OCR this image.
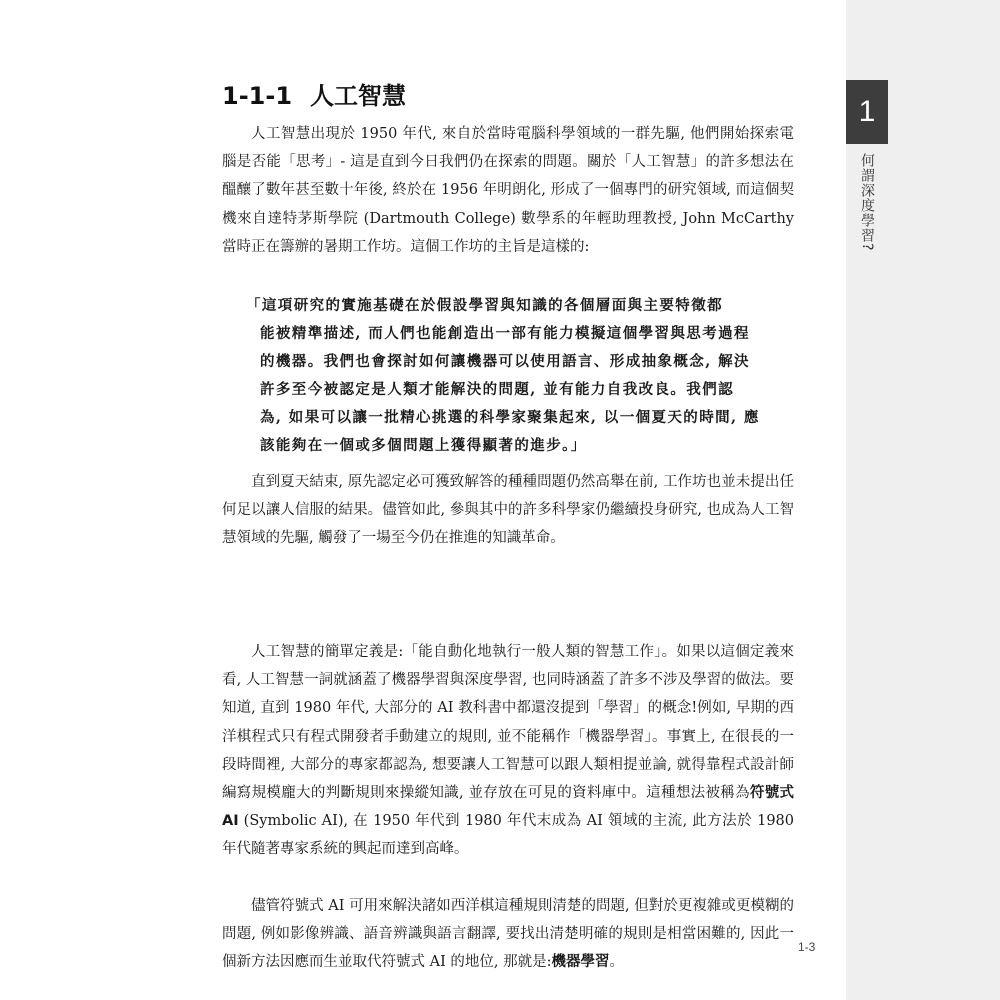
1
何謂深度學習?
1-1-1 人工智慧

人工智慧出現於 1950 年代, 來自於當時電腦科學領域的一群先驅, 他們開始探索電腦是否能「思考」- 這是直到今日我們仍在探索的問題。關於「人工智慧」的許多想法在醞釀了數年甚至數十年後, 終於在 1956 年明朗化, 形成了一個專門的研究領域, 而這個契機來自達特茅斯學院 (Dartmouth College) 數學系的年輕助理教授, John McCarthy 當時正在籌辦的暑期工作坊。這個工作坊的主旨是這樣的:

「這項研究的實施基礎在於假設學習與知識的各個層面與主要特徵都
能被精準描述, 而人們也能創造出一部有能力模擬這個學習與思考過程
的機器。我們也會探討如何讓機器可以使用語言、形成抽象概念, 解決
許多至今被認定是人類才能解決的問題, 並有能力自我改良。我們認
為, 如果可以讓一批精心挑選的科學家聚集起來, 以一個夏天的時間, 應
該能夠在一個或多個問題上獲得顯著的進步。」

直到夏天結束, 原先認定必可獲致解答的種種問題仍然高舉在前, 工作坊也並未提出任何足以讓人信服的結果。儘管如此, 參與其中的許多科學家仍繼續投身研究, 也成為人工智慧領域的先驅, 觸發了一場至今仍在推進的知識革命。

人工智慧的簡單定義是:「能自動化地執行一般人類的智慧工作」。如果以這個定義來看, 人工智慧一詞就涵蓋了機器學習與深度學習, 也同時涵蓋了許多不涉及學習的做法。要知道, 直到 1980 年代, 大部分的 AI 教科書中都還沒提到「學習」的概念!例如, 早期的西洋棋程式只有程式開發者手動建立的規則, 並不能稱作「機器學習」。事實上, 在很長的一段時間裡, 大部分的專家都認為, 想要讓人工智慧可以跟人類相提並論, 就得靠程式設計師編寫規模龐大的判斷規則來操縱知識, 並存放在可見的資料庫中。這種想法被稱為符號式 AI (Symbolic AI), 在 1950 年代到 1980 年代末成為 AI 領域的主流, 此方法於 1980 年代隨著專家系統的興起而達到高峰。

儘管符號式 AI 可用來解決諸如西洋棋這種規則清楚的問題, 但對於更複雜或更模糊的問題, 例如影像辨識、語音辨識與語言翻譯, 要找出清楚明確的規則是相當困難的, 因此一個新方法因應而生並取代符號式 AI 的地位, 那就是:機器學習。

1-3
